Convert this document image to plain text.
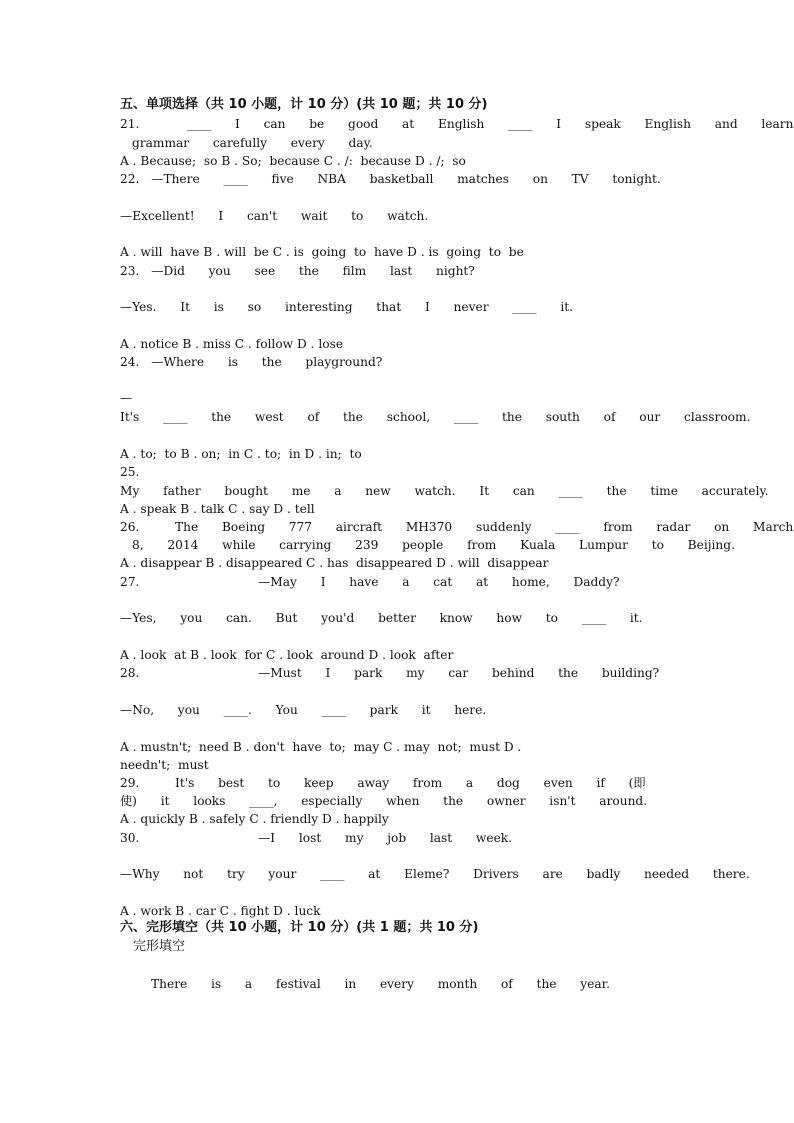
五、单项选择（共 10 小题，计 10 分）(共 10 题；共 10 分)
21.    ____  I  can  be  good  at  English  ____  I  speak  English  and  learn
grammar  carefully  every  day.
A . Because;  so B . So;  because C . /:  because D . /;  so
22. —There  ____  five  NBA  basketball  matches  on  TV  tonight.
—Excellent!  I  can't  wait  to  watch.
A . will  have B . will  be C . is  going  to  have D . is  going  to  be
23. —Did  you  see  the  film  last  night?
—Yes.  It  is  so  interesting  that  I  never  ____  it.
A . notice B . miss C . follow D . lose
24. —Where  is  the  playground?
—
It's  ____  the  west  of  the  school,  ____  the  south  of  our  classroom.
A . to;  to B . on;  in C . to;  in D . in;  to
25.
My  father  bought  me  a  new  watch.  It  can  ____  the  time  accurately.
A . speak B . talk C . say D . tell
26.   The  Boeing  777  aircraft  MH370  suddenly  ____  from  radar  on  March
8,  2014  while  carrying  239  people  from  Kuala  Lumpur  to  Beijing.
A . disappear B . disappeared C . has  disappeared D . will  disappear
27.          —May  I  have  a  cat  at  home,  Daddy?
—Yes,  you  can.  But  you'd  better  know  how  to  ____  it.
A . look  at B . look  for C . look  around D . look  after
28.          —Must  I  park  my  car  behind  the  building?
—No,  you  ____.  You  ____  park  it  here.
A . mustn't;  need B . don't  have  to;  may C . may  not;  must D .
needn't;  must
29.   It's  best  to  keep  away  from  a  dog  even  if  (即
使)  it  looks  ____,  especially  when  the  owner  isn't  around.
A . quickly B . safely C . friendly D . happily
30.          —I  lost  my  job  last  week.
—Why  not  try  your  ____  at  Eleme?  Drivers  are  badly  needed  there.
A . work B . car C . fight D . luck
六、完形填空（共 10 小题，计 10 分）(共 1 题；共 10 分)
完形填空
There  is  a  festival  in  every  month  of  the  year.
